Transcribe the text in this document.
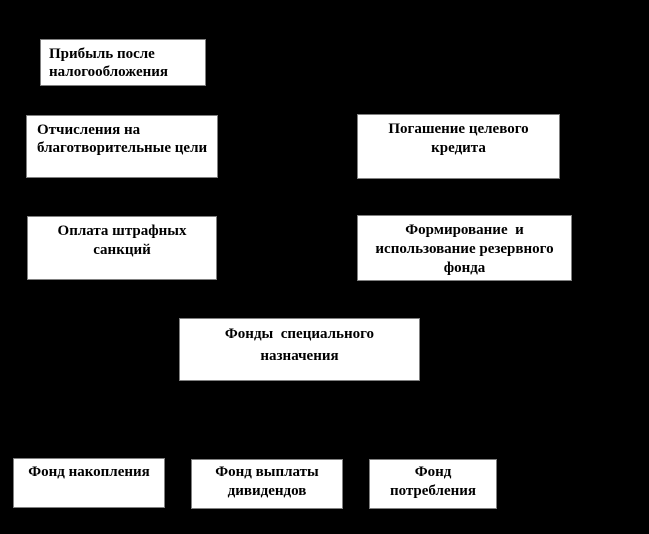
Прибыль после
налогообложения
Отчисления на
благотворительные цели
Погашение целевого
кредита
Оплата штрафных
санкций
Формирование  и
использование резервного
фонда
Фонды  специального
назначения
Фонд накопления	Фонд выплаты
дивидендов
Фонд
потребления
